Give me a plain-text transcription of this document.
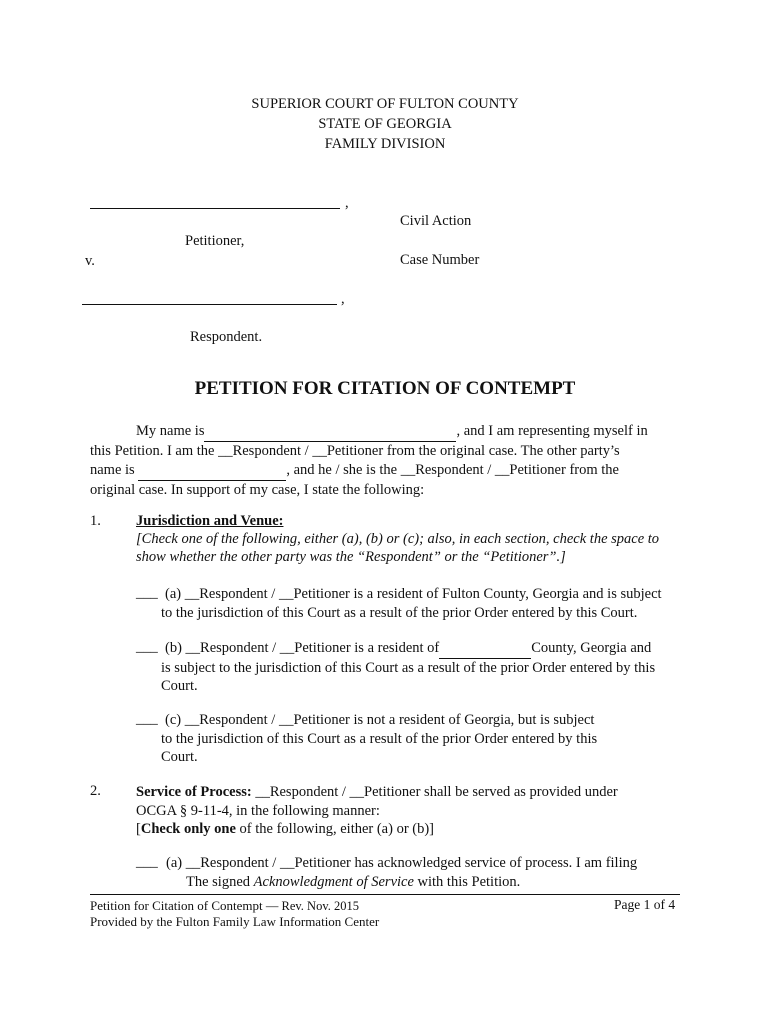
SUPERIOR COURT OF FULTON COUNTY
STATE OF GEORGIA
FAMILY DIVISION
,
Civil Action
Petitioner,
v.	Case Number
,
Respondent.
PETITION FOR CITATION OF CONTEMPT
My name is	, and I am representing myself in
this Petition. I am the __Respondent / __Petitioner from the original case. The other party’s
name is	, and he / she is the __Respondent / __Petitioner from the
original case. In support of my case, I state the following:
1. Jurisdiction and Venue:
[Check one of the following, either (a), (b) or (c); also, in each section, check the space to
show whether the other party was the “Respondent” or the “Petitioner”.]
___ (a) __Respondent / __Petitioner is a resident of Fulton County, Georgia and is subject
to the jurisdiction of this Court as a result of the prior Order entered by this Court.
___ (b) __Respondent / __Petitioner is a resident of	County, Georgia and
is subject to the jurisdiction of this Court as a result of the prior Order entered by this
Court.
___ (c) __Respondent / __Petitioner is not a resident of Georgia, but is subject
to the jurisdiction of this Court as a result of the prior Order entered by this
Court.
2. Service of Process: __Respondent / __Petitioner shall be served as provided under
OCGA § 9-11-4, in the following manner:
[Check only one of the following, either (a) or (b)]
___ (a) __Respondent / __Petitioner has acknowledged service of process. I am filing
The signed Acknowledgment of Service with this Petition.
Petition for Citation of Contempt — Rev. Nov. 2015
Provided by the Fulton Family Law Information Center
Page 1 of 4
